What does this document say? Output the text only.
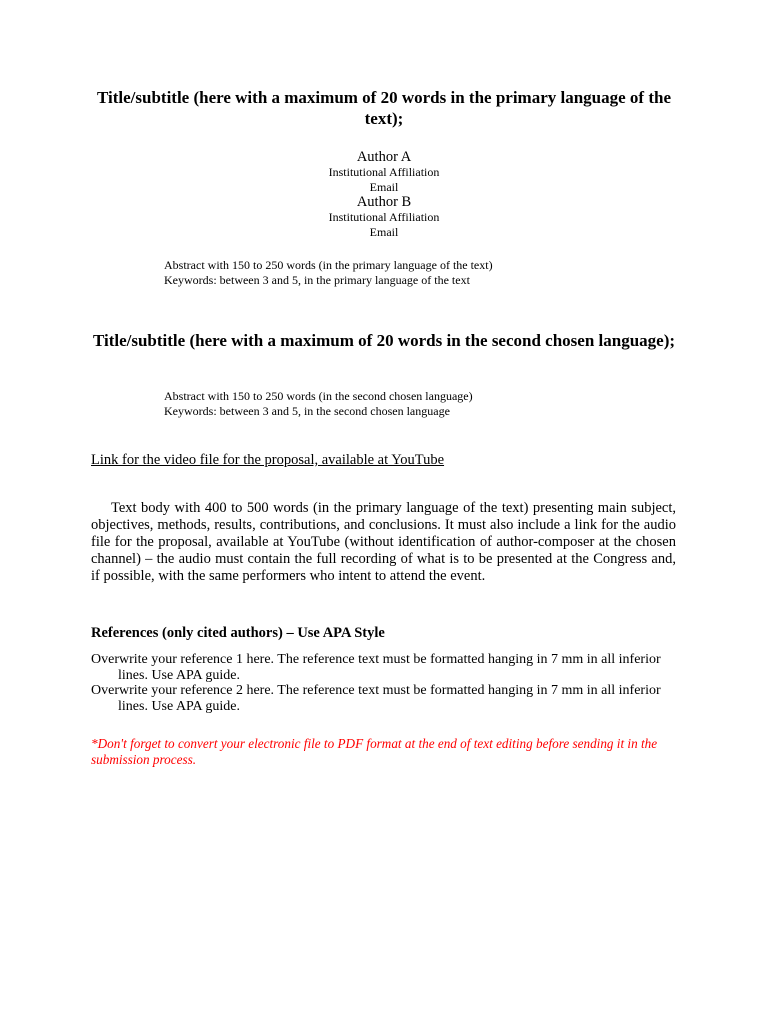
Title/subtitle (here with a maximum of 20 words in the primary language of the text);
Author A
Institutional Affiliation
Email
Author B
Institutional Affiliation
Email
Abstract with 150 to 250 words (in the primary language of the text)
Keywords: between 3 and 5, in the primary language of the text
Title/subtitle (here with a maximum of 20 words in the second chosen language);
Abstract with 150 to 250 words (in the second chosen language)
Keywords: between 3 and 5, in the second chosen language
Link for the video file for the proposal, available at YouTube
Text body with 400 to 500 words (in the primary language of the text) presenting main subject, objectives, methods, results, contributions, and conclusions. It must also include a link for the audio file for the proposal, available at YouTube (without identification of author-composer at the chosen channel) – the audio must contain the full recording of what is to be presented at the Congress and, if possible, with the same performers who intent to attend the event.
References (only cited authors) – Use APA Style

Overwrite your reference 1 here. The reference text must be formatted hanging in 7 mm in all inferior lines. Use APA guide.

Overwrite your reference 2 here. The reference text must be formatted hanging in 7 mm in all inferior lines. Use APA guide.

*Don't forget to convert your electronic file to PDF format at the end of text editing before sending it in the submission process.
